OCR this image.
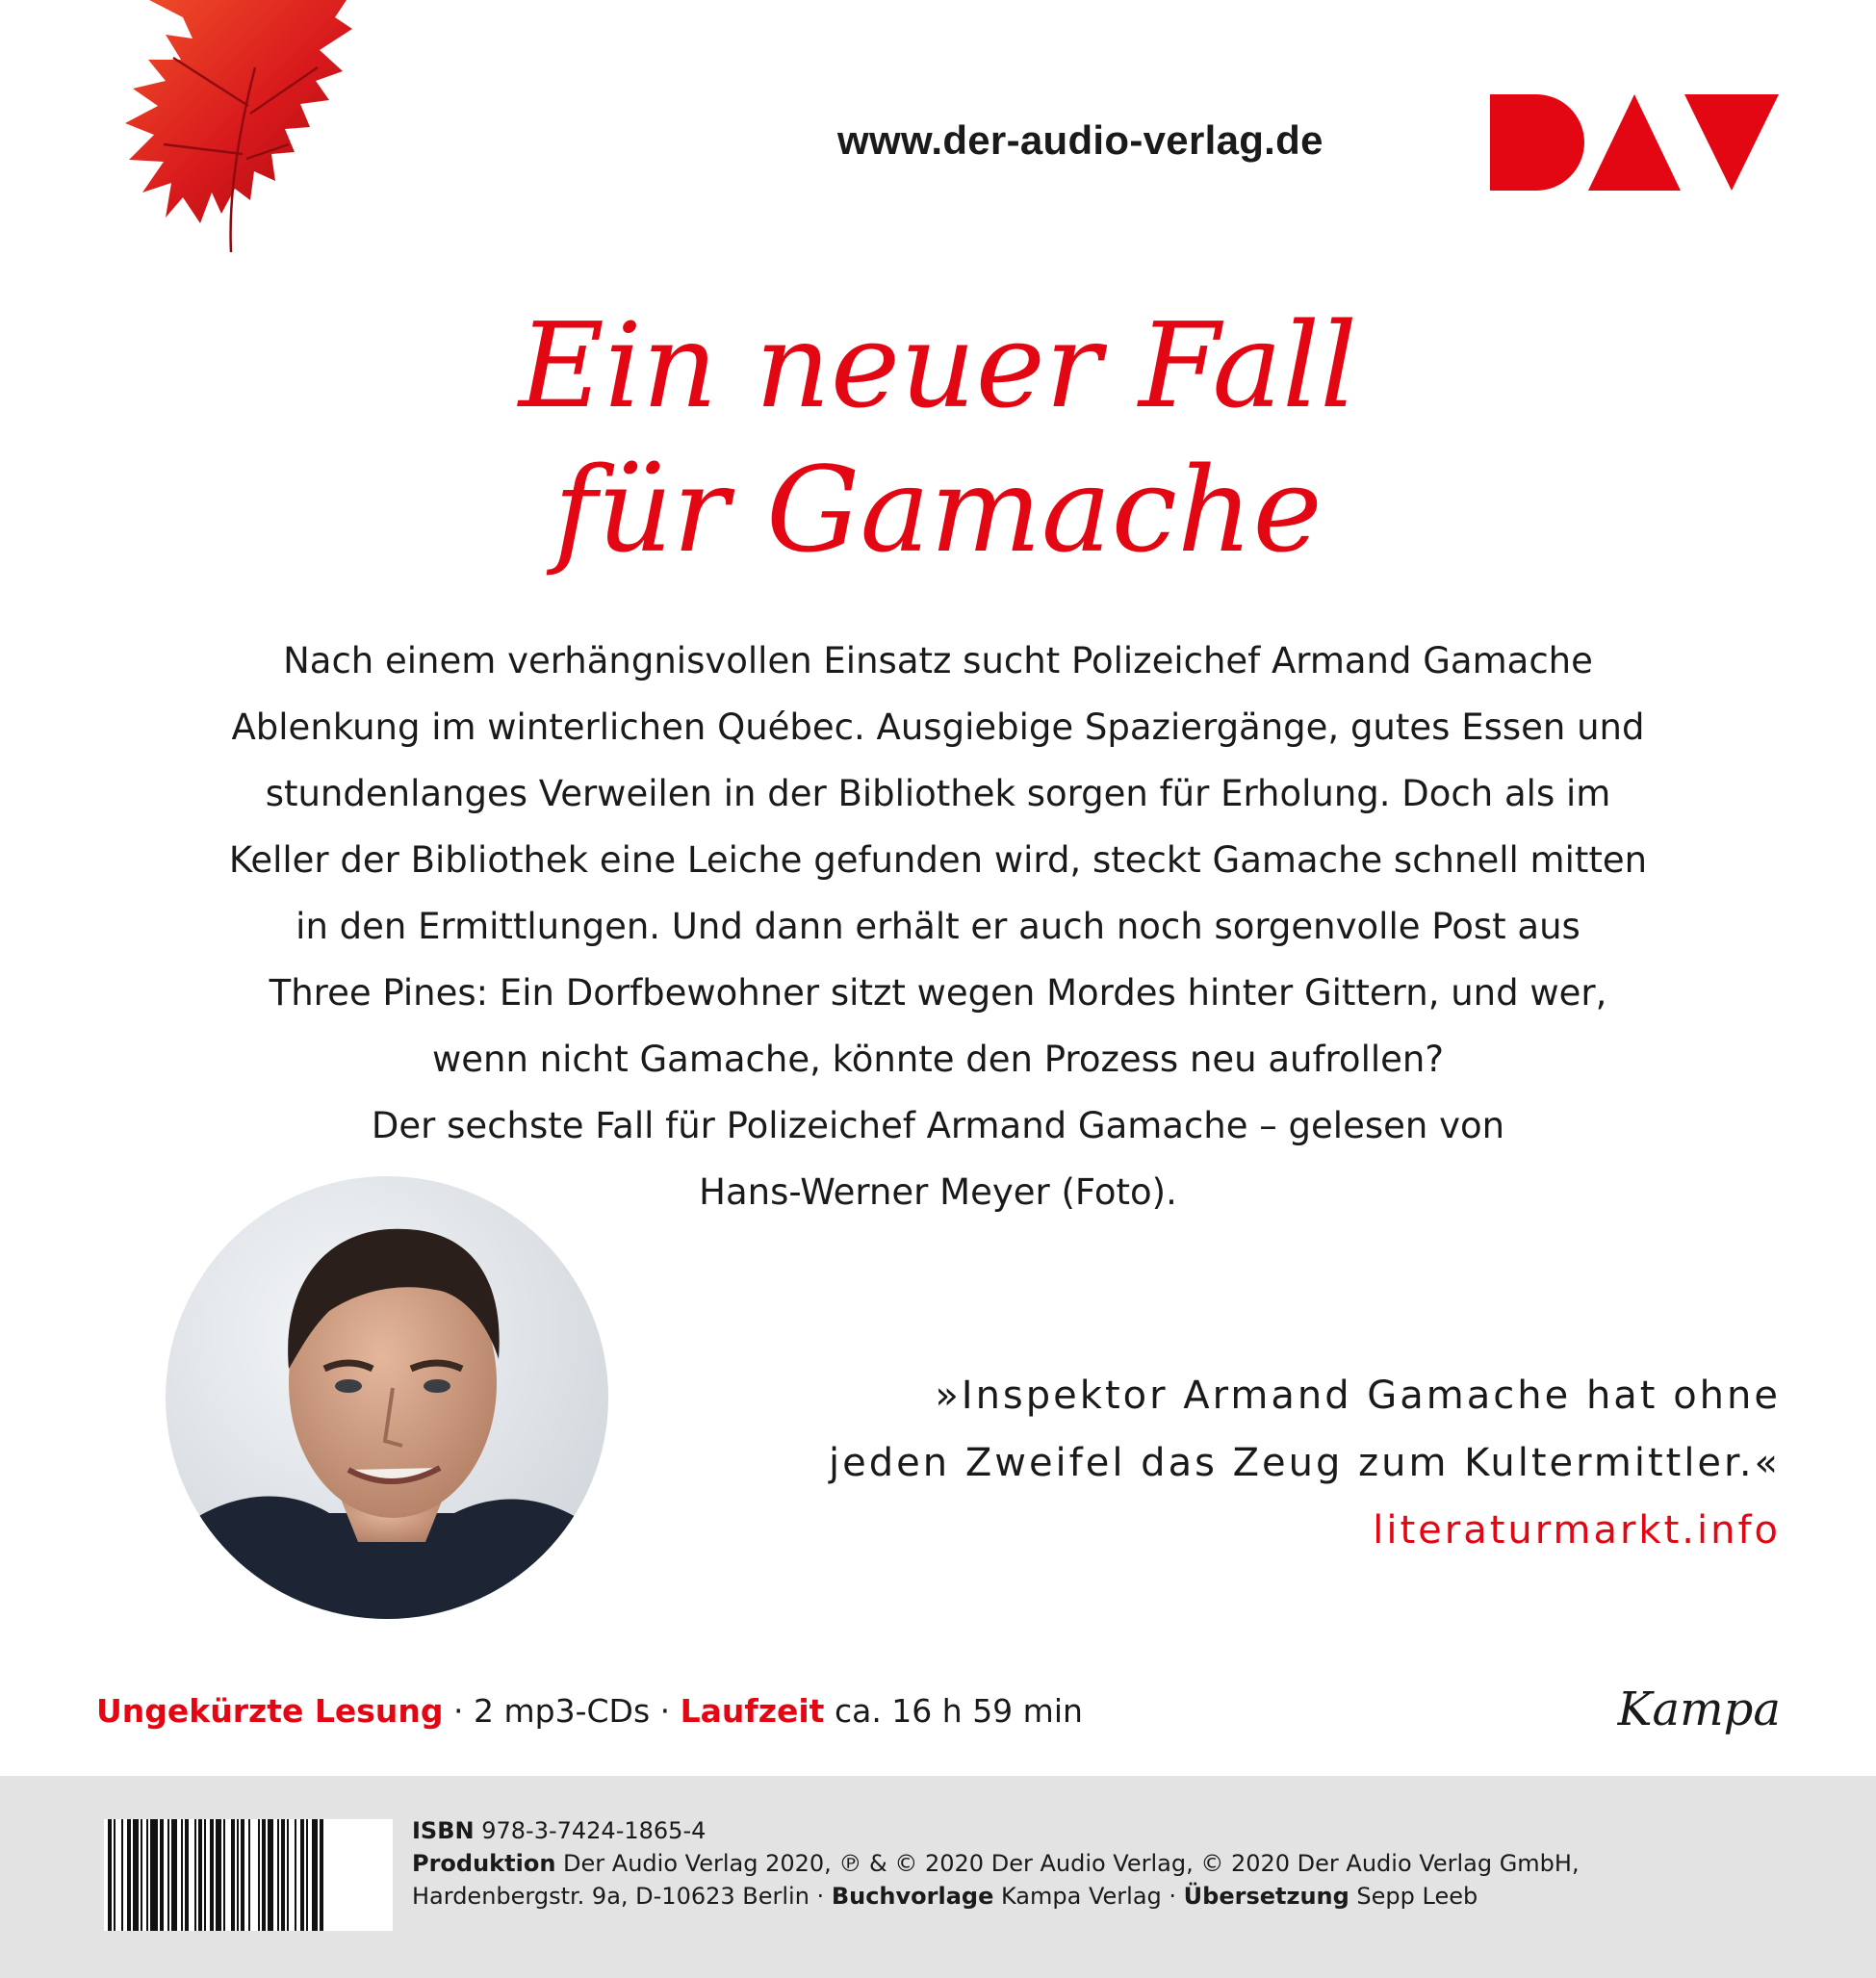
www.der-audio-verlag.de
Ein neuer Fall
für Gamache

Nach einem verhängnisvollen Einsatz sucht Polizeichef Armand Gamache

Ablenkung im winterlichen Québec. Ausgiebige Spaziergänge, gutes Essen und

stundenlanges Verweilen in der Bibliothek sorgen für Erholung. Doch als im

Keller der Bibliothek eine Leiche gefunden wird, steckt Gamache schnell mitten

in den Ermittlungen. Und dann erhält er auch noch sorgenvolle Post aus

Three Pines: Ein Dorfbewohner sitzt wegen Mordes hinter Gittern, und wer,

wenn nicht Gamache, könnte den Prozess neu aufrollen?

Der sechste Fall für Polizeichef Armand Gamache – gelesen von

Hans-Werner Meyer (Foto).

»Inspektor Armand Gamache hat ohne
jeden Zweifel das Zeug zum Kultermittler.«
literaturmarkt.info
Ungekürzte Lesung · 2 mp3-CDs · Laufzeit ca. 16 h 59 min	Kampa
ISBN 978-3-7424-1865-4
Produktion Der Audio Verlag 2020, ℗ & © 2020 Der Audio Verlag, © 2020 Der Audio Verlag GmbH,
Hardenbergstr. 9a, D-10623 Berlin · Buchvorlage Kampa Verlag · Übersetzung Sepp Leeb
